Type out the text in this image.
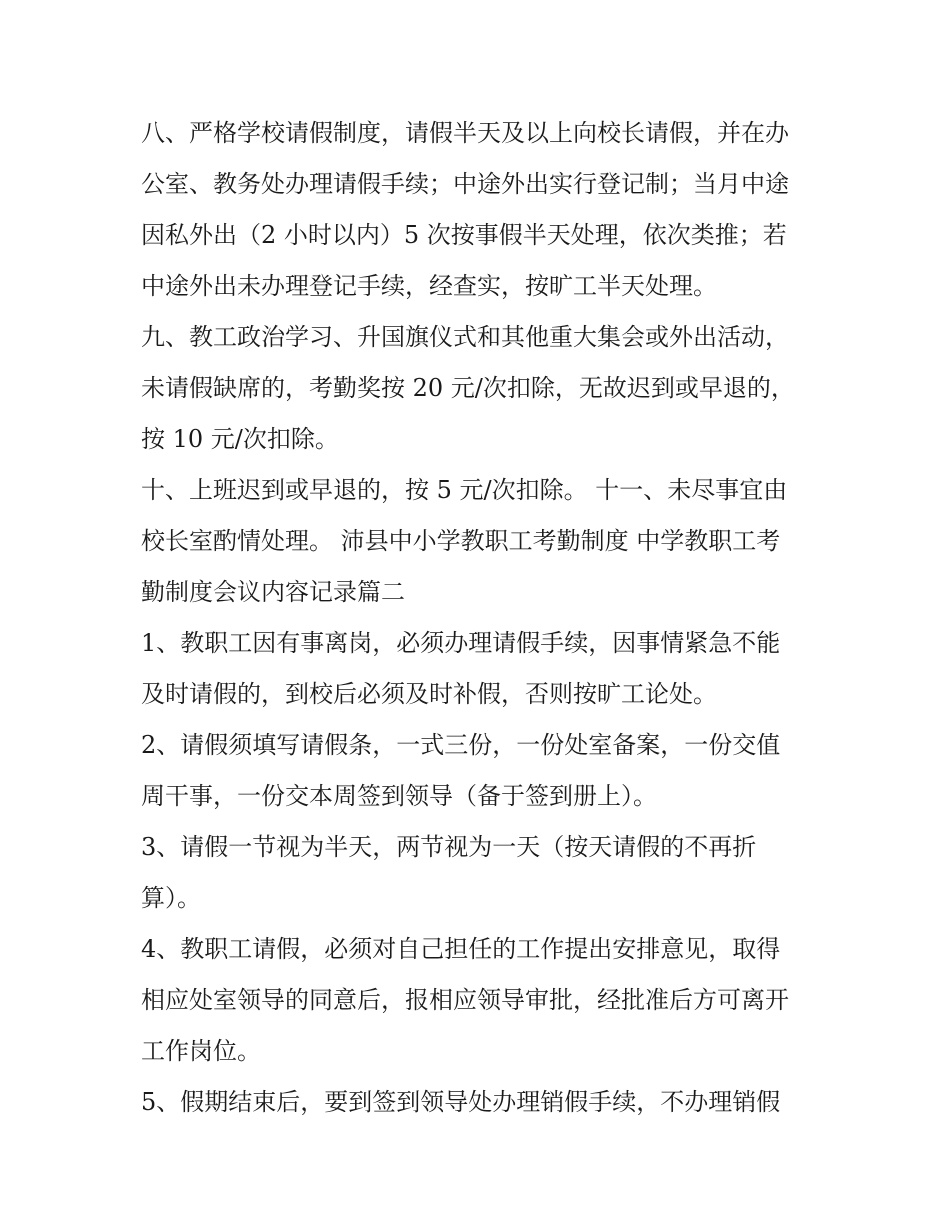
八、严格学校请假制度，请假半天及以上向校长请假，并在办

公室、教务处办理请假手续；中途外出实行登记制；当月中途

因私外出（2 小时以内）5 次按事假半天处理，依次类推；若

中途外出未办理登记手续，经查实，按旷工半天处理。

九、教工政治学习、升国旗仪式和其他重大集会或外出活动，

未请假缺席的，考勤奖按 20 元/次扣除，无故迟到或早退的，

按 10 元/次扣除。

十、上班迟到或早退的，按 5 元/次扣除。 十一、未尽事宜由

校长室酌情处理。 沛县中小学教职工考勤制度 中学教职工考

勤制度会议内容记录篇二

1、教职工因有事离岗，必须办理请假手续，因事情紧急不能

及时请假的，到校后必须及时补假，否则按旷工论处。

2、请假须填写请假条，一式三份，一份处室备案，一份交值

周干事，一份交本周签到领导（备于签到册上）。

3、请假一节视为半天，两节视为一天（按天请假的不再折

算）。

4、教职工请假，必须对自己担任的工作提出安排意见，取得

相应处室领导的同意后，报相应领导审批，经批准后方可离开

工作岗位。

5、假期结束后，要到签到领导处办理销假手续，不办理销假
